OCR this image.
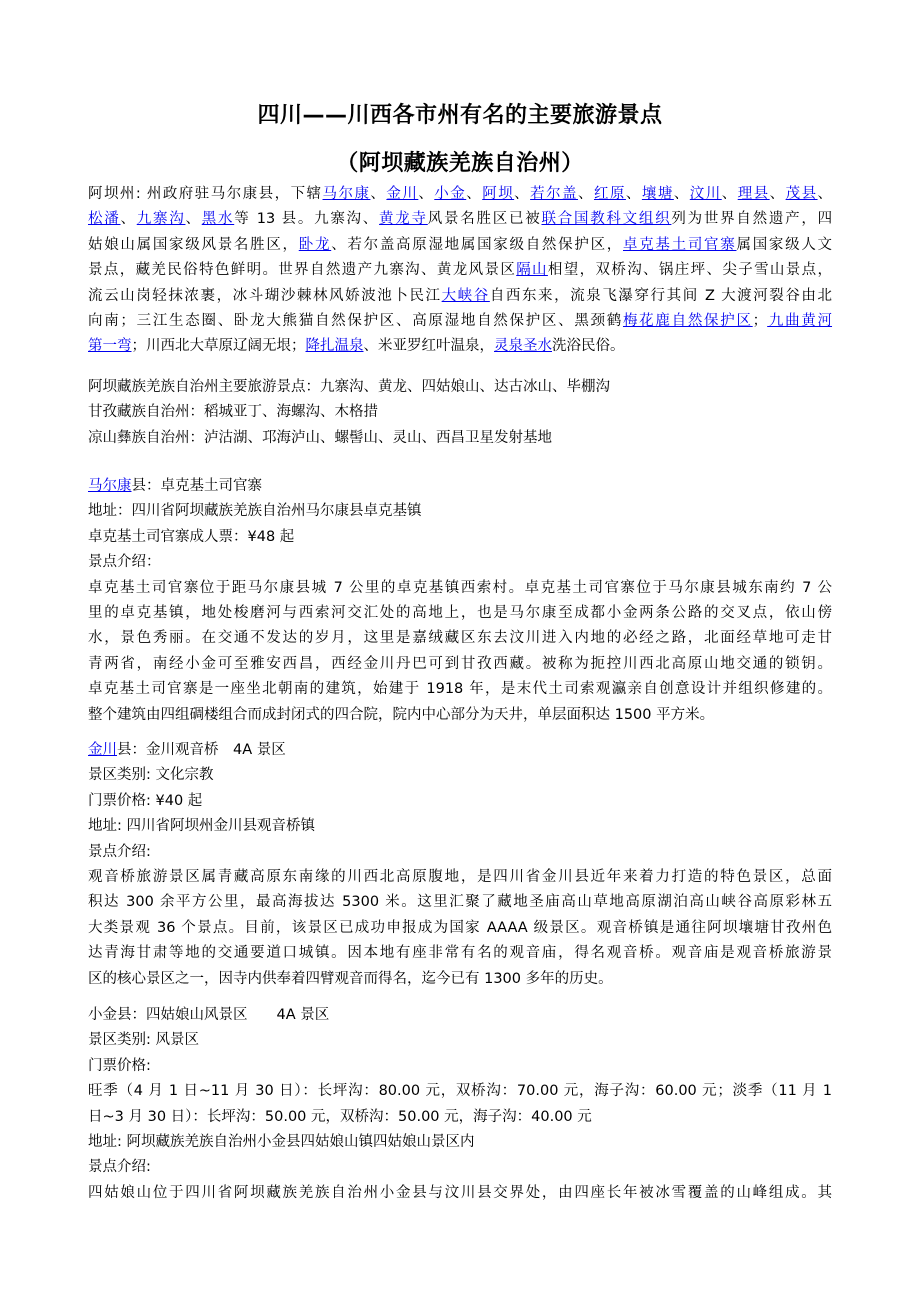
四川——川西各市州有名的主要旅游景点
（阿坝藏族羌族自治州）
阿坝州: 州政府驻马尔康县，下辖马尔康、金川、小金、阿坝、若尔盖、红原、壤塘、汶川、理县、茂县、
松潘、九寨沟、黑水等 13 县。九寨沟、黄龙寺风景名胜区已被联合国教科文组织列为世界自然遗产，四
姑娘山属国家级风景名胜区，卧龙、若尔盖高原湿地属国家级自然保护区，卓克基土司官寨属国家级人文
景点，藏羌民俗特色鲜明。世界自然遗产九寨沟、黄龙风景区隔山相望，双桥沟、锅庄坪、尖子雪山景点，
流云山岗轻抹浓裹，冰斗瑚沙棘林风娇波池卜民江大峡谷自西东来，流泉飞瀑穿行其间 Z 大渡河裂谷由北
向南；三江生态圈、卧龙大熊猫自然保护区、高原湿地自然保护区、黑颈鹤梅花鹿自然保护区；九曲黄河
第一弯；川西北大草原辽阔无垠；降扎温泉、米亚罗红叶温泉，灵泉圣水洗浴民俗。
阿坝藏族羌族自治州主要旅游景点：九寨沟、黄龙、四姑娘山、达古冰山、毕棚沟
甘孜藏族自治州：稻城亚丁、海螺沟、木格措
凉山彝族自治州：泸沽湖、邛海泸山、螺髻山、灵山、西昌卫星发射基地
马尔康县：卓克基土司官寨
地址：四川省阿坝藏族羌族自治州马尔康县卓克基镇
卓克基土司官寨成人票：¥48 起
景点介绍：
卓克基土司官寨位于距马尔康县城 7 公里的卓克基镇西索村。卓克基土司官寨位于马尔康县城东南约 7 公
里的卓克基镇，地处梭磨河与西索河交汇处的高地上，也是马尔康至成都小金两条公路的交叉点，依山傍
水，景色秀丽。在交通不发达的岁月，这里是嘉绒藏区东去汶川进入内地的必经之路，北面经草地可走甘
青两省，南经小金可至雅安西昌，西经金川丹巴可到甘孜西藏。被称为扼控川西北高原山地交通的锁钥。
卓克基土司官寨是一座坐北朝南的建筑，始建于 1918 年，是末代土司索观瀛亲自创意设计并组织修建的。
整个建筑由四组碉楼组合而成封闭式的四合院，院内中心部分为天井，单层面积达 1500 平方米。
金川县：金川观音桥　4A 景区
景区类别: 文化宗教
门票价格: ¥40 起
地址: 四川省阿坝州金川县观音桥镇
景点介绍:
观音桥旅游景区属青藏高原东南缘的川西北高原腹地，是四川省金川县近年来着力打造的特色景区，总面
积达 300 余平方公里，最高海拔达 5300 米。这里汇聚了藏地圣庙高山草地高原湖泊高山峡谷高原彩林五
大类景观 36 个景点。目前，该景区已成功申报成为国家 AAAA 级景区。观音桥镇是通往阿坝壤塘甘孜州色
达青海甘肃等地的交通要道口城镇。因本地有座非常有名的观音庙，得名观音桥。观音庙是观音桥旅游景
区的核心景区之一，因寺内供奉着四臂观音而得名，迄今已有 1300 多年的历史。
小金县：四姑娘山风景区　　4A 景区
景区类别: 风景区
门票价格:
旺季（4 月 1 日~11 月 30 日）：长坪沟：80.00 元，双桥沟：70.00 元，海子沟：60.00 元；淡季（11 月 1
日~3 月 30 日）：长坪沟：50.00 元，双桥沟：50.00 元，海子沟：40.00 元
地址: 阿坝藏族羌族自治州小金县四姑娘山镇四姑娘山景区内
景点介绍:
四姑娘山位于四川省阿坝藏族羌族自治州小金县与汶川县交界处，由四座长年被冰雪覆盖的山峰组成。其
